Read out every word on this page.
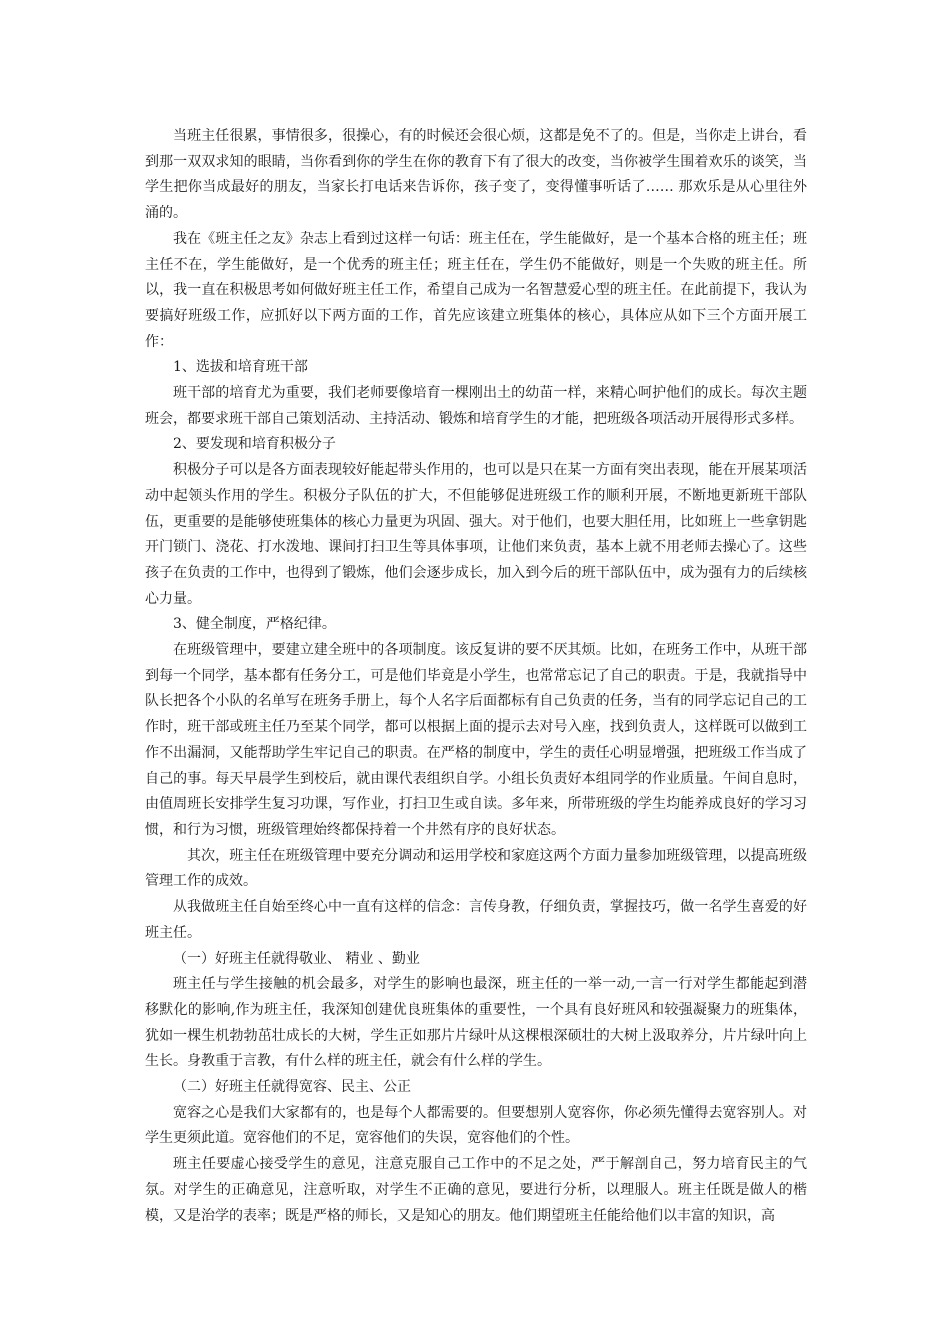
当班主任很累，事情很多，很操心，有的时候还会很心烦，这都是免不了的。但是，当你走上讲台，看到那一双双求知的眼睛，当你看到你的学生在你的教育下有了很大的改变，当你被学生围着欢乐的谈笑，当学生把你当成最好的朋友，当家长打电话来告诉你，孩子变了，变得懂事听话了…… 那欢乐是从心里往外涌的。

我在《班主任之友》杂志上看到过这样一句话：班主任在，学生能做好，是一个基本合格的班主任；班主任不在，学生能做好，是一个优秀的班主任；班主任在，学生仍不能做好，则是一个失败的班主任。所以，我一直在积极思考如何做好班主任工作，希望自己成为一名智慧爱心型的班主任。在此前提下，我认为要搞好班级工作，应抓好以下两方面的工作，首先应该建立班集体的核心，具体应从如下三个方面开展工作：

1、选拔和培育班干部

班干部的培育尤为重要，我们老师要像培育一棵刚出土的幼苗一样，来精心呵护他们的成长。每次主题班会，都要求班干部自己策划活动、主持活动、锻炼和培育学生的才能，把班级各项活动开展得形式多样。

2、要发现和培育积极分子

积极分子可以是各方面表现较好能起带头作用的，也可以是只在某一方面有突出表现，能在开展某项活动中起领头作用的学生。积极分子队伍的扩大，不但能够促进班级工作的顺利开展，不断地更新班干部队伍，更重要的是能够使班集体的核心力量更为巩固、强大。对于他们，也要大胆任用，比如班上一些拿钥匙开门锁门、浇花、打水泼地、课间打扫卫生等具体事项，让他们来负责，基本上就不用老师去操心了。这些孩子在负责的工作中，也得到了锻炼，他们会逐步成长，加入到今后的班干部队伍中，成为强有力的后续核心力量。

3、健全制度，严格纪律。

在班级管理中，要建立建全班中的各项制度。该反复讲的要不厌其烦。比如，在班务工作中，从班干部到每一个同学，基本都有任务分工，可是他们毕竟是小学生，也常常忘记了自己的职责。于是，我就指导中队长把各个小队的名单写在班务手册上，每个人名字后面都标有自己负责的任务，当有的同学忘记自己的工作时，班干部或班主任乃至某个同学，都可以根据上面的提示去对号入座，找到负责人，这样既可以做到工作不出漏洞，又能帮助学生牢记自己的职责。在严格的制度中，学生的责任心明显增强，把班级工作当成了自己的事。每天早晨学生到校后，就由课代表组织自学。小组长负责好本组同学的作业质量。午间自息时，由值周班长安排学生复习功课，写作业，打扫卫生或自读。多年来，所带班级的学生均能养成良好的学习习惯，和行为习惯，班级管理始终都保持着一个井然有序的良好状态。

其次，班主任在班级管理中要充分调动和运用学校和家庭这两个方面力量参加班级管理，以提高班级管理工作的成效。

从我做班主任自始至终心中一直有这样的信念：言传身教，仔细负责，掌握技巧，做一名学生喜爱的好班主任。

（一）好班主任就得敬业、 精业 、勤业

班主任与学生接触的机会最多，对学生的影响也最深，班主任的一举一动,一言一行对学生都能起到潜移默化的影响,作为班主任，我深知创建优良班集体的重要性，一个具有良好班风和较强凝聚力的班集体，犹如一棵生机勃勃茁壮成长的大树，学生正如那片片绿叶从这棵根深硕壮的大树上汲取养分，片片绿叶向上生长。身教重于言教，有什么样的班主任，就会有什么样的学生。

（二）好班主任就得宽容、民主、公正

宽容之心是我们大家都有的，也是每个人都需要的。但要想别人宽容你，你必须先懂得去宽容别人。对学生更须此道。宽容他们的不足，宽容他们的失误，宽容他们的个性。

班主任要虚心接受学生的意见，注意克服自己工作中的不足之处，严于解剖自己，努力培育民主的气氛。对学生的正确意见，注意听取，对学生不正确的意见，要进行分析，以理服人。班主任既是做人的楷模，又是治学的表率；既是严格的师长，又是知心的朋友。他们期望班主任能给他们以丰富的知识，高
